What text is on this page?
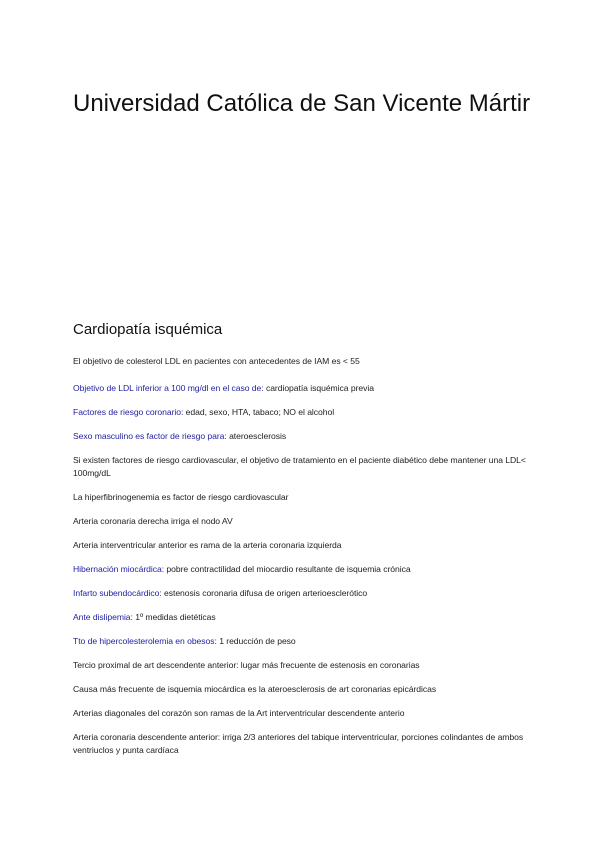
Universidad Católica de San Vicente Mártir
Cardiopatía isquémica

El objetivo de colesterol LDL en pacientes con antecedentes de IAM es < 55

Objetivo de LDL inferior a 100 mg/dl en el caso de: cardiopatía isquémica previa

Factores de riesgo coronario: edad, sexo, HTA, tabaco; NO el alcohol

Sexo masculino es factor de riesgo para: ateroesclerosis

Si existen factores de riesgo cardiovascular, el objetivo de tratamiento en el paciente diabético debe mantener una LDL< 100mg/dL

La hiperfibrinogenemia es factor de riesgo cardiovascular

Arteria coronaria derecha irriga el nodo AV

Arteria interventricular anterior es rama de la arteria coronaria izquierda

Hibernación miocárdica: pobre contractilidad del miocardio resultante de isquemia crónica

Infarto subendocárdico: estenosis coronaria difusa de origen arterioesclerótico

Ante dislipemia: 1º medidas dietéticas

Tto de hipercolesterolemia en obesos: 1 reducción de peso

Tercio proximal de art descendente anterior: lugar más frecuente de estenosis en coronarias

Causa más frecuente de isquemia miocárdica es la ateroesclerosis de art coronarias epicárdicas

Arterias diagonales del corazón son ramas de la Art interventricular descendente anterio

Arteria coronaria descendente anterior: irriga 2/3 anteriores del tabique interventricular, porciones colindantes de ambos ventriuclos y punta cardíaca
